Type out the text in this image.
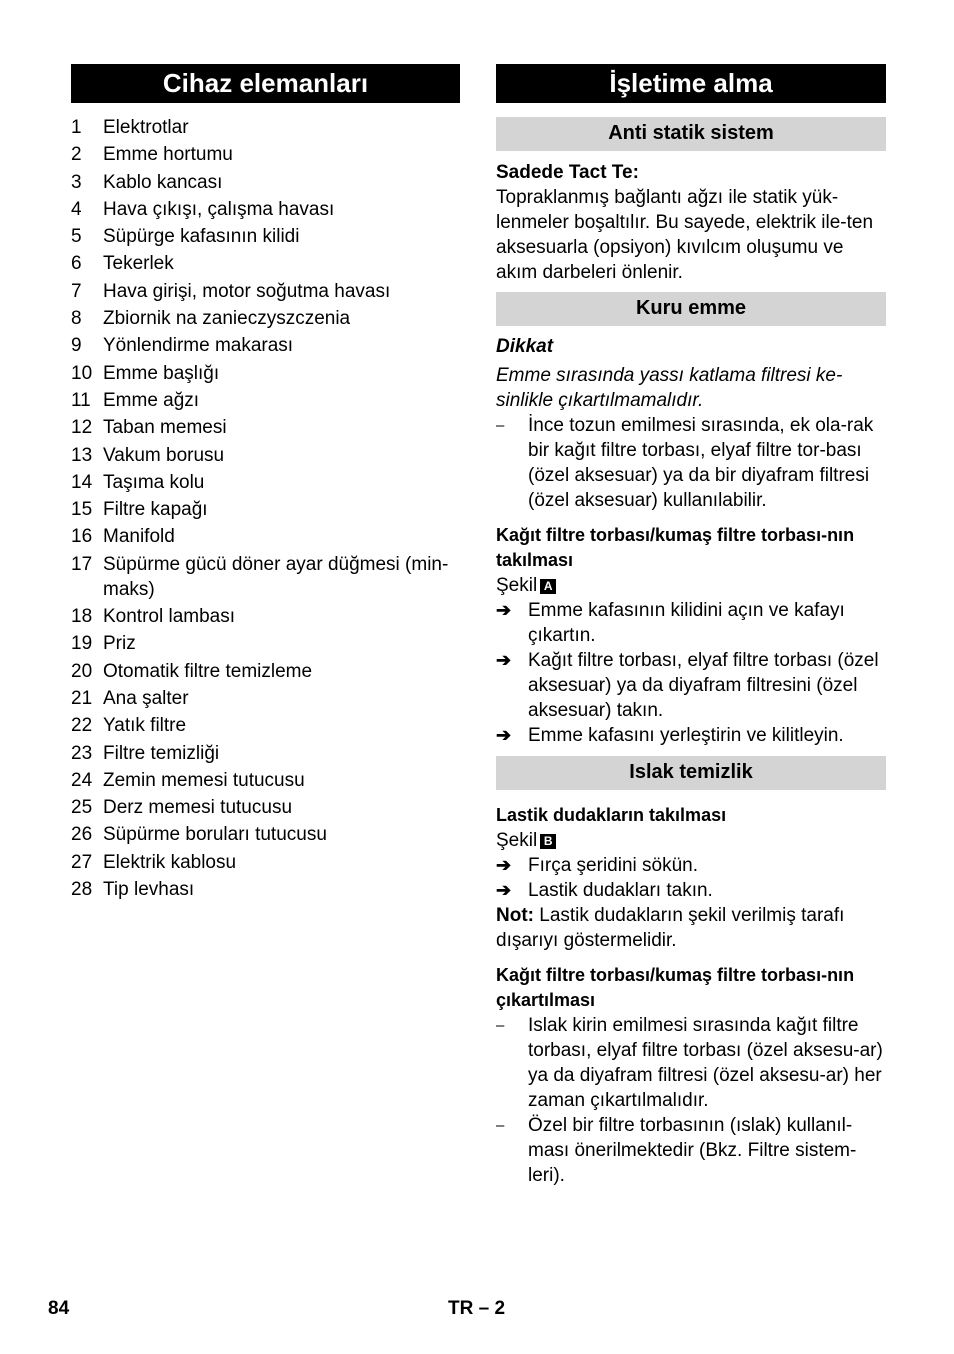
Cihaz elemanları
1	Elektrotlar
2	Emme hortumu
3	Kablo kancası
4	Hava çıkışı, çalışma havası
5	Süpürge kafasının kilidi
6	Tekerlek
7	Hava girişi, motor soğutma havası
8	Zbiornik na zanieczyszczenia
9	Yönlendirme makarası
10 Emme başlığı
11 Emme ağzı
12 Taban memesi
13 Vakum borusu
14 Taşıma kolu
15 Filtre kapağı
16 Manifold
17 Süpürme gücü döner ayar düğmesi (min-maks)
18 Kontrol lambası
19 Priz
20 Otomatik filtre temizleme
21 Ana şalter
22 Yatık filtre
23 Filtre temizliği
24 Zemin memesi tutucusu
25 Derz memesi tutucusu
26 Süpürme boruları tutucusu
27 Elektrik kablosu
28 Tip levhası
İşletime alma
Anti statik sistem

Sadede Tact Te:

Topraklanmış bağlantı ağzı ile statik yük-lenmeler boşaltılır. Bu sayede, elektrik ile-ten aksesuarla (opsiyon) kıvılcım oluşumu ve akım darbeleri önlenir.

Kuru emme

Dikkat

Emme sırasında yassı katlama filtresi ke-sinlikle çıkartılmamalıdır.

–	İnce tozun emilmesi sırasında, ek ola-rak bir kağıt filtre torbası, elyaf filtre tor-bası (özel aksesuar) ya da bir diyafram filtresi (özel aksesuar) kullanılabilir.

Kağıt filtre torbası/kumaş filtre torbası-nın takılması

Şekil A

➔ Emme kafasının kilidini açın ve kafayı çıkartın.
➔ Kağıt filtre torbası, elyaf filtre torbası (özel aksesuar) ya da diyafram filtresini (özel aksesuar) takın.
➔ Emme kafasını yerleştirin ve kilitleyin.
Islak temizlik

Lastik dudakların takılması

Şekil B

➔ Fırça şeridini sökün.
➔ Lastik dudakları takın.

Not: Lastik dudakların şekil verilmiş tarafı dışarıyı göstermelidir.

Kağıt filtre torbası/kumaş filtre torbası-nın çıkartılması

–	Islak kirin emilmesi sırasında kağıt filtre torbası, elyaf filtre torbası (özel aksesu-ar) ya da diyafram filtresi (özel aksesu-ar) her zaman çıkartılmalıdır.
–	Özel bir filtre torbasının (ıslak) kullanıl-ması önerilmektedir (Bkz. Filtre sistem-leri).
84	TR – 2
